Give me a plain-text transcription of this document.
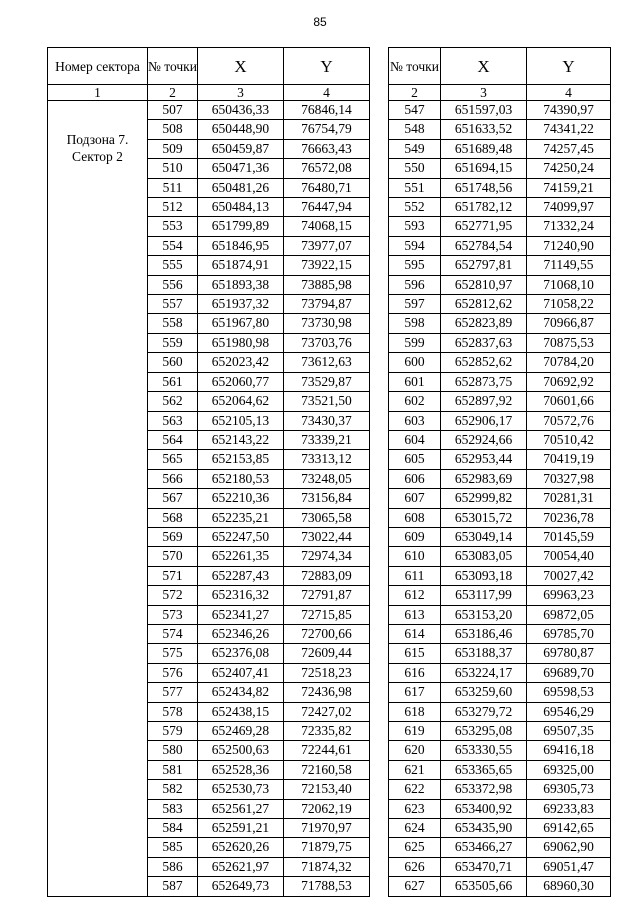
85
Номер сектора	№ точки	X	Y
1	2	3	4
Подзона 7. Сектор 2	507	650436,33	76846,14
	508	650448,90	76754,79
	509	650459,87	76663,43
	510	650471,36	76572,08
	511	650481,26	76480,71
	512	650484,13	76447,94
	553	651799,89	74068,15
	554	651846,95	73977,07
	555	651874,91	73922,15
	556	651893,38	73885,98
	557	651937,32	73794,87
	558	651967,80	73730,98
	559	651980,98	73703,76
	560	652023,42	73612,63
	561	652060,77	73529,87
	562	652064,62	73521,50
	563	652105,13	73430,37
	564	652143,22	73339,21
	565	652153,85	73313,12
	566	652180,53	73248,05
	567	652210,36	73156,84
	568	652235,21	73065,58
	569	652247,50	73022,44
	570	652261,35	72974,34
	571	652287,43	72883,09
	572	652316,32	72791,87
	573	652341,27	72715,85
	574	652346,26	72700,66
	575	652376,08	72609,44
	576	652407,41	72518,23
	577	652434,82	72436,98
	578	652438,15	72427,02
	579	652469,28	72335,82
	580	652500,63	72244,61
	581	652528,36	72160,58
	582	652530,73	72153,40
	583	652561,27	72062,19
	584	652591,21	71970,97
	585	652620,26	71879,75
	586	652621,97	71874,32
	587	652649,73	71788,53
№ точки	X	Y
2	3	4
547	651597,03	74390,97
548	651633,52	74341,22
549	651689,48	74257,45
550	651694,15	74250,24
551	651748,56	74159,21
552	651782,12	74099,97
593	652771,95	71332,24
594	652784,54	71240,90
595	652797,81	71149,55
596	652810,97	71068,10
597	652812,62	71058,22
598	652823,89	70966,87
599	652837,63	70875,53
600	652852,62	70784,20
601	652873,75	70692,92
602	652897,92	70601,66
603	652906,17	70572,76
604	652924,66	70510,42
605	652953,44	70419,19
606	652983,69	70327,98
607	652999,82	70281,31
608	653015,72	70236,78
609	653049,14	70145,59
610	653083,05	70054,40
611	653093,18	70027,42
612	653117,99	69963,23
613	653153,20	69872,05
614	653186,46	69785,70
615	653188,37	69780,87
616	653224,17	69689,70
617	653259,60	69598,53
618	653279,72	69546,29
619	653295,08	69507,35
620	653330,55	69416,18
621	653365,65	69325,00
622	653372,98	69305,73
623	653400,92	69233,83
624	653435,90	69142,65
625	653466,27	69062,90
626	653470,71	69051,47
627	653505,66	68960,30
